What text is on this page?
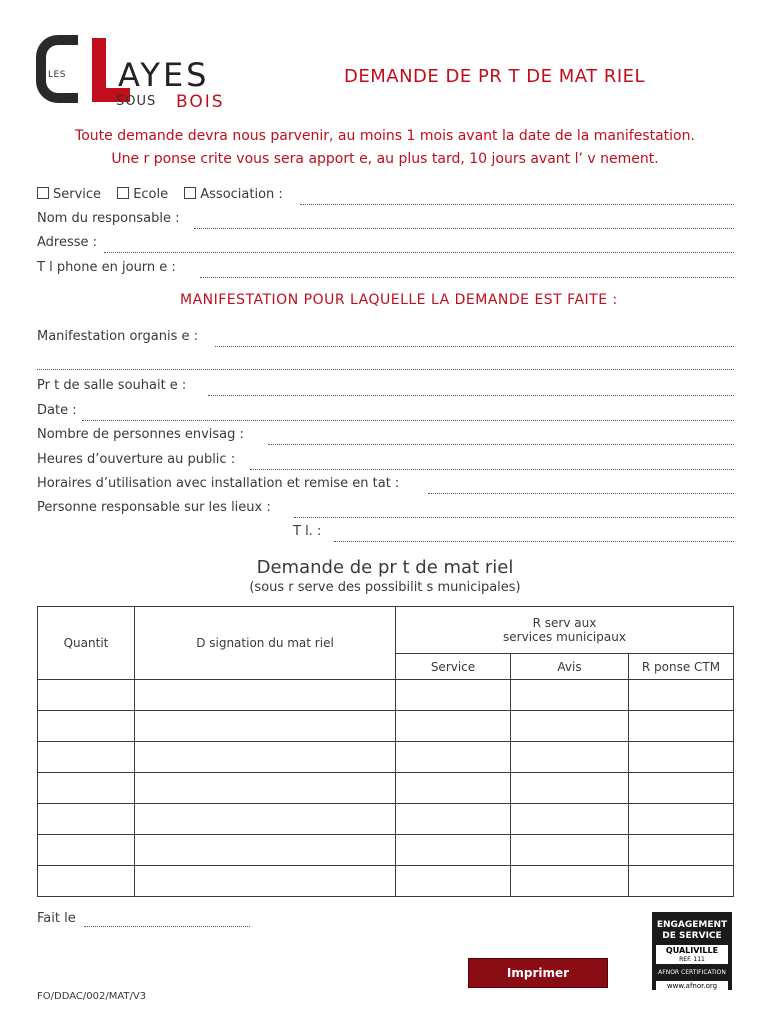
LES AYES
SOUS BOIS
DEMANDE DE PR T DE MAT RIEL
Toute demande devra nous parvenir, au moins 1 mois avant la date de la manifestation.
Une r ponse crite vous sera apport e, au plus tard, 10 jours avant l’ v nement.
Service Ecole Association :
Nom du responsable :
Adresse :
T l phone en journ e :
MANIFESTATION POUR LAQUELLE LA DEMANDE EST FAITE :
Manifestation organis e :
Pr t de salle souhait e :
Date :
Nombre de personnes envisag :
Heures d’ouverture au public :
Horaires d’utilisation avec installation et remise en tat :
Personne responsable sur les lieux :
T l. :
Demande de pr t de mat riel
(sous r serve des possibilit s municipales)
Quantit	D signation du mat riel	R serv aux
services municipaux		

		Service	Avis	R ponse CTM

Fait le
Imprimer
ENGAGEMENT
DE SERVICE
QUALIVILLE
REF. 111
AFNOR CERTIFICATION
www.afnor.org
FO/DDAC/002/MAT/V3
